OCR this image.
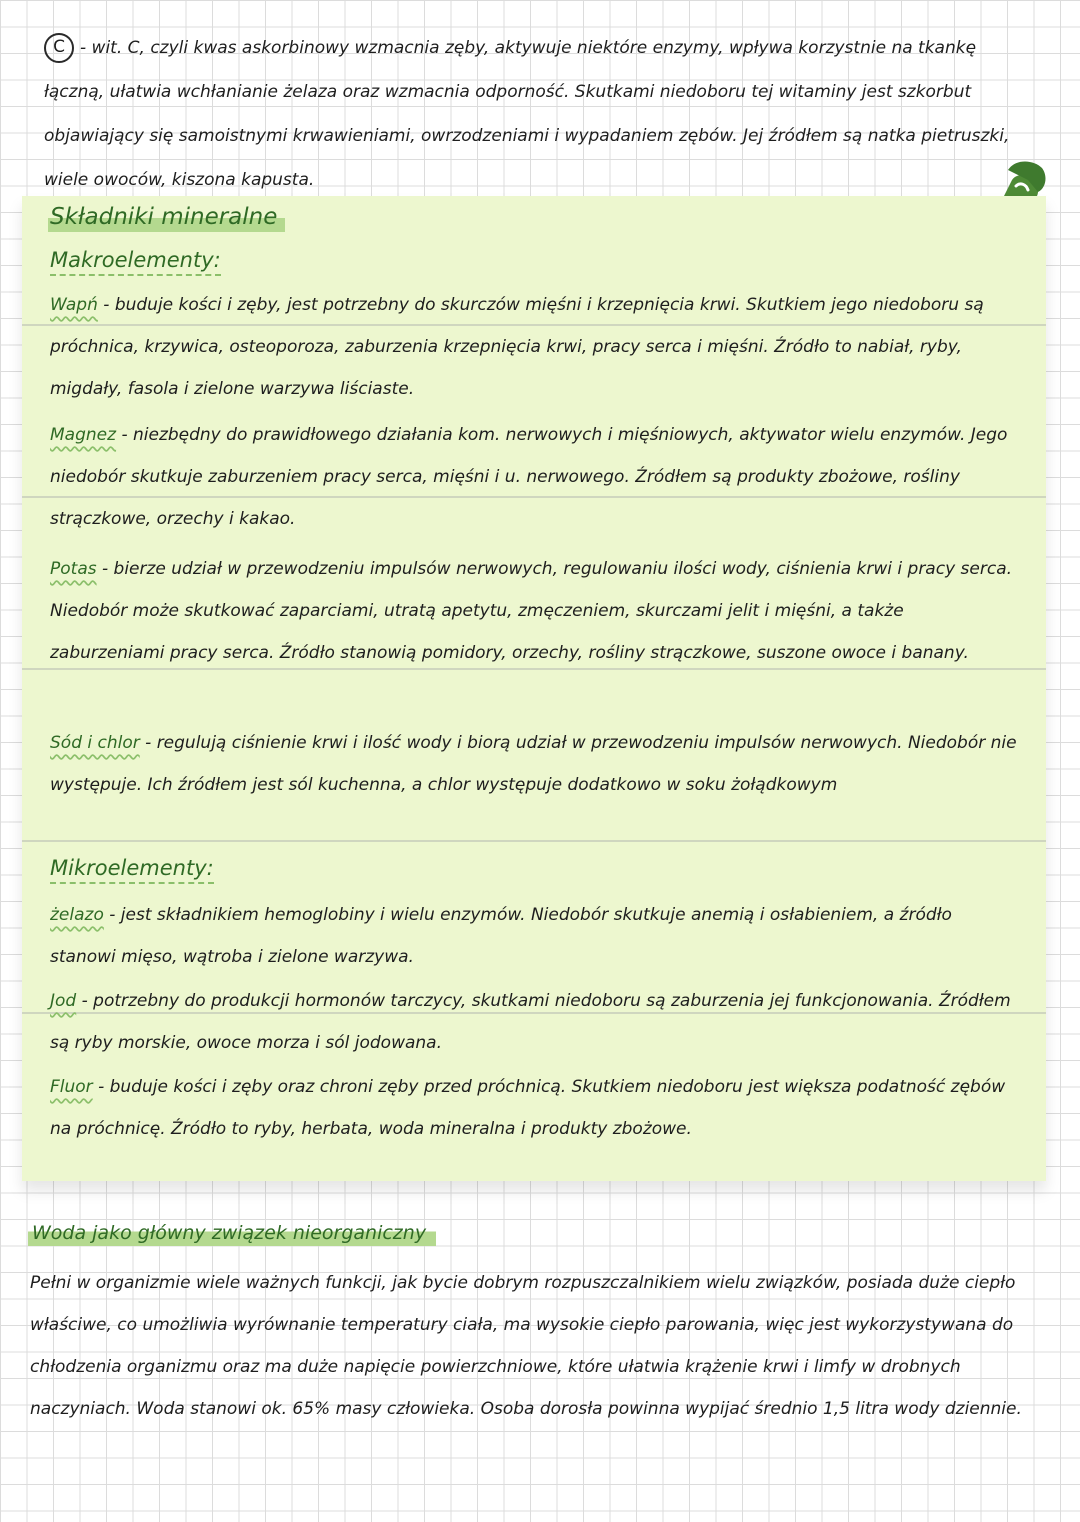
C - wit. C, czyli kwas askorbinowy wzmacnia zęby, aktywuje niektóre enzymy, wpływa korzystnie na tkankę łączną, ułatwia wchłanianie żelaza oraz wzmacnia odporność. Skutkami niedoboru tej witaminy jest szkorbut objawiający się samoistnymi krwawieniami, owrzodzeniami i wypadaniem zębów. Jej źródłem są natka pietruszki, wiele owoców, kiszona kapusta.
Składniki mineralne
Makroelementy:
Wapń - buduje kości i zęby, jest potrzebny do skurczów mięśni i krzepnięcia krwi. Skutkiem jego niedoboru są próchnica, krzywica, osteoporoza, zaburzenia krzepnięcia krwi, pracy serca i mięśni. Źródło to nabiał, ryby, migdały, fasola i zielone warzywa liściaste.
Magnez - niezbędny do prawidłowego działania kom. nerwowych i mięśniowych, aktywator wielu enzymów. Jego niedobór skutkuje zaburzeniem pracy serca, mięśni i u. nerwowego. Źródłem są produkty zbożowe, rośliny strączkowe, orzechy i kakao.
Potas - bierze udział w przewodzeniu impulsów nerwowych, regulowaniu ilości wody, ciśnienia krwi i pracy serca. Niedobór może skutkować zaparciami, utratą apetytu, zmęczeniem, skurczami jelit i mięśni, a także zaburzeniami pracy serca. Źródło stanowią pomidory, orzechy, rośliny strączkowe, suszone owoce i banany.
Sód i chlor - regulują ciśnienie krwi i ilość wody i biorą udział w przewodzeniu impulsów nerwowych. Niedobór nie występuje. Ich źródłem jest sól kuchenna, a chlor występuje dodatkowo w soku żołądkowym
Mikroelementy:
żelazo - jest składnikiem hemoglobiny i wielu enzymów. Niedobór skutkuje anemią i osłabieniem, a źródło stanowi mięso, wątroba i zielone warzywa.
Jod - potrzebny do produkcji hormonów tarczycy, skutkami niedoboru są zaburzenia jej funkcjonowania. Źródłem są ryby morskie, owoce morza i sól jodowana.
Fluor - buduje kości i zęby oraz chroni zęby przed próchnicą. Skutkiem niedoboru jest większa podatność zębów na próchnicę. Źródło to ryby, herbata, woda mineralna i produkty zbożowe.
Woda jako główny związek nieorganiczny
Pełni w organizmie wiele ważnych funkcji, jak bycie dobrym rozpuszczalnikiem wielu związków, posiada duże ciepło właściwe, co umożliwia wyrównanie temperatury ciała, ma wysokie ciepło parowania, więc jest wykorzystywana do chłodzenia organizmu oraz ma duże napięcie powierzchniowe, które ułatwia krążenie krwi i limfy w drobnych naczyniach. Woda stanowi ok. 65% masy człowieka. Osoba dorosła powinna wypijać średnio 1,5 litra wody dziennie.
